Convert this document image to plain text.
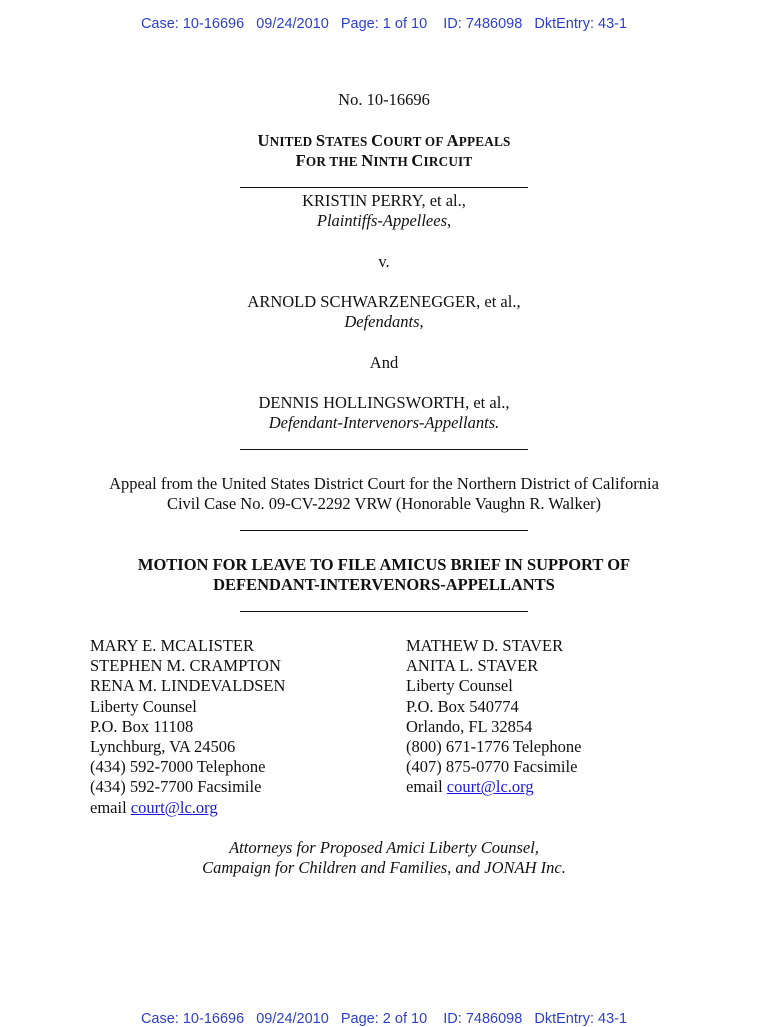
Case: 10-16696   09/24/2010   Page: 1 of 10    ID: 7486098   DktEntry: 43-1
No. 10-16696
UNITED STATES COURT OF APPEALS
FOR THE NINTH CIRCUIT
KRISTIN PERRY, et al.,
Plaintiffs-Appellees,
v.
ARNOLD SCHWARZENEGGER, et al.,
Defendants,
And
DENNIS HOLLINGSWORTH, et al.,
Defendant-Intervenors-Appellants.
Appeal from the United States District Court for the Northern District of California
Civil Case No. 09-CV-2292 VRW (Honorable Vaughn R. Walker)
MOTION FOR LEAVE TO FILE AMICUS BRIEF IN SUPPORT OF
DEFENDANT-INTERVENORS-APPELLANTS
MARY E. MCALISTER
STEPHEN M. CRAMPTON
RENA M. LINDEVALDSEN
Liberty Counsel
P.O. Box 11108
Lynchburg, VA 24506
(434) 592-7000 Telephone
(434) 592-7700 Facsimile
email court@lc.org
MATHEW D. STAVER
ANITA L. STAVER
Liberty Counsel
P.O. Box 540774
Orlando, FL 32854
(800) 671-1776 Telephone
(407) 875-0770 Facsimile
email court@lc.org
Attorneys for Proposed Amici Liberty Counsel,
Campaign for Children and Families, and JONAH Inc.
Case: 10-16696   09/24/2010   Page: 2 of 10    ID: 7486098   DktEntry: 43-1
